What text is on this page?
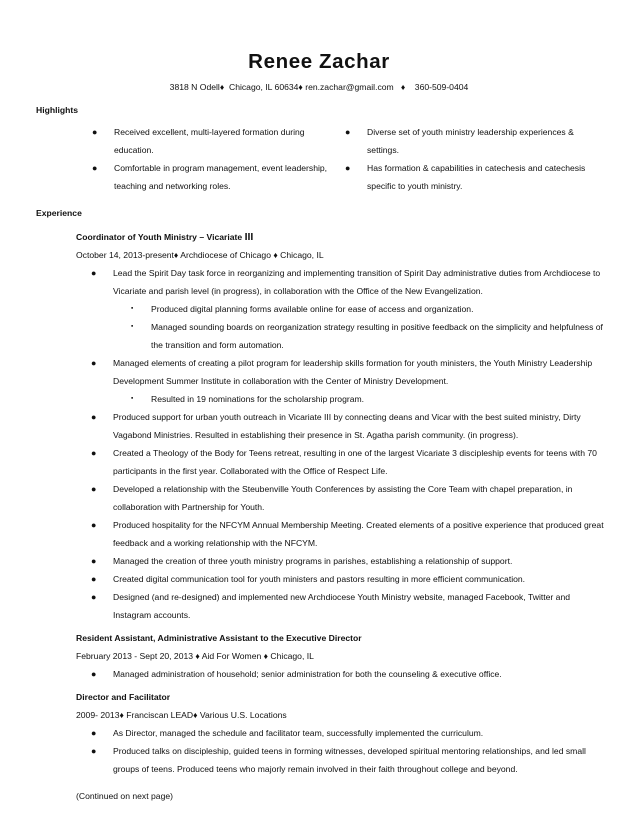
Renee Zachar
3818 N Odell♦  Chicago, IL 60634♦ ren.zachar@gmail.com   ♦    360-509-0404
Highlights
● Received excellent, multi-layered formation during education.
● Comfortable in program management, event leadership, teaching and networking roles.
● Diverse set of youth ministry leadership experiences & settings.
● Has formation & capabilities in catechesis and catechesis specific to youth ministry.
Experience
Coordinator of Youth Ministry – Vicariate III
October 14, 2013-present♦ Archdiocese of Chicago ♦ Chicago, IL
● Lead the Spirit Day task force in reorganizing and implementing transition of Spirit Day administrative duties from Archdiocese to Vicariate and parish level (in progress), in collaboration with the Office of the New Evangelization.
▪ Produced digital planning forms available online for ease of access and organization.
▪ Managed sounding boards on reorganization strategy resulting in positive feedback on the simplicity and helpfulness of the transition and form automation.
● Managed elements of creating a pilot program for leadership skills formation for youth ministers, the Youth Ministry Leadership Development Summer Institute in collaboration with the Center of Ministry Development.
▪ Resulted in 19 nominations for the scholarship program.
● Produced support for urban youth outreach in Vicariate III by connecting deans and Vicar with the best suited ministry, Dirty Vagabond Ministries. Resulted in establishing their presence in St. Agatha parish community. (in progress).
● Created a Theology of the Body for Teens retreat, resulting in one of the largest Vicariate 3 discipleship events for teens with 70 participants in the first year. Collaborated with the Office of Respect Life.
● Developed a relationship with the Steubenville Youth Conferences by assisting the Core Team with chapel preparation, in collaboration with Partnership for Youth.
● Produced hospitality for the NFCYM Annual Membership Meeting. Created elements of a positive experience that produced great feedback and a working relationship with the NFCYM.
● Managed the creation of three youth ministry programs in parishes, establishing a relationship of support.
● Created digital communication tool for youth ministers and pastors resulting in more efficient communication.
● Designed (and re-designed) and implemented new Archdiocese Youth Ministry website, managed Facebook, Twitter and Instagram accounts.
Resident Assistant, Administrative Assistant to the Executive Director
February 2013 - Sept 20, 2013 ♦ Aid For Women ♦ Chicago, IL
● Managed administration of household; senior administration for both the counseling & executive office.
Director and Facilitator
2009- 2013♦ Franciscan LEAD♦ Various U.S. Locations
● As Director, managed the schedule and facilitator team, successfully implemented the curriculum.
● Produced talks on discipleship, guided teens in forming witnesses, developed spiritual mentoring relationships, and led small groups of teens. Produced teens who majorly remain involved in their faith throughout college and beyond.
(Continued on next page)
